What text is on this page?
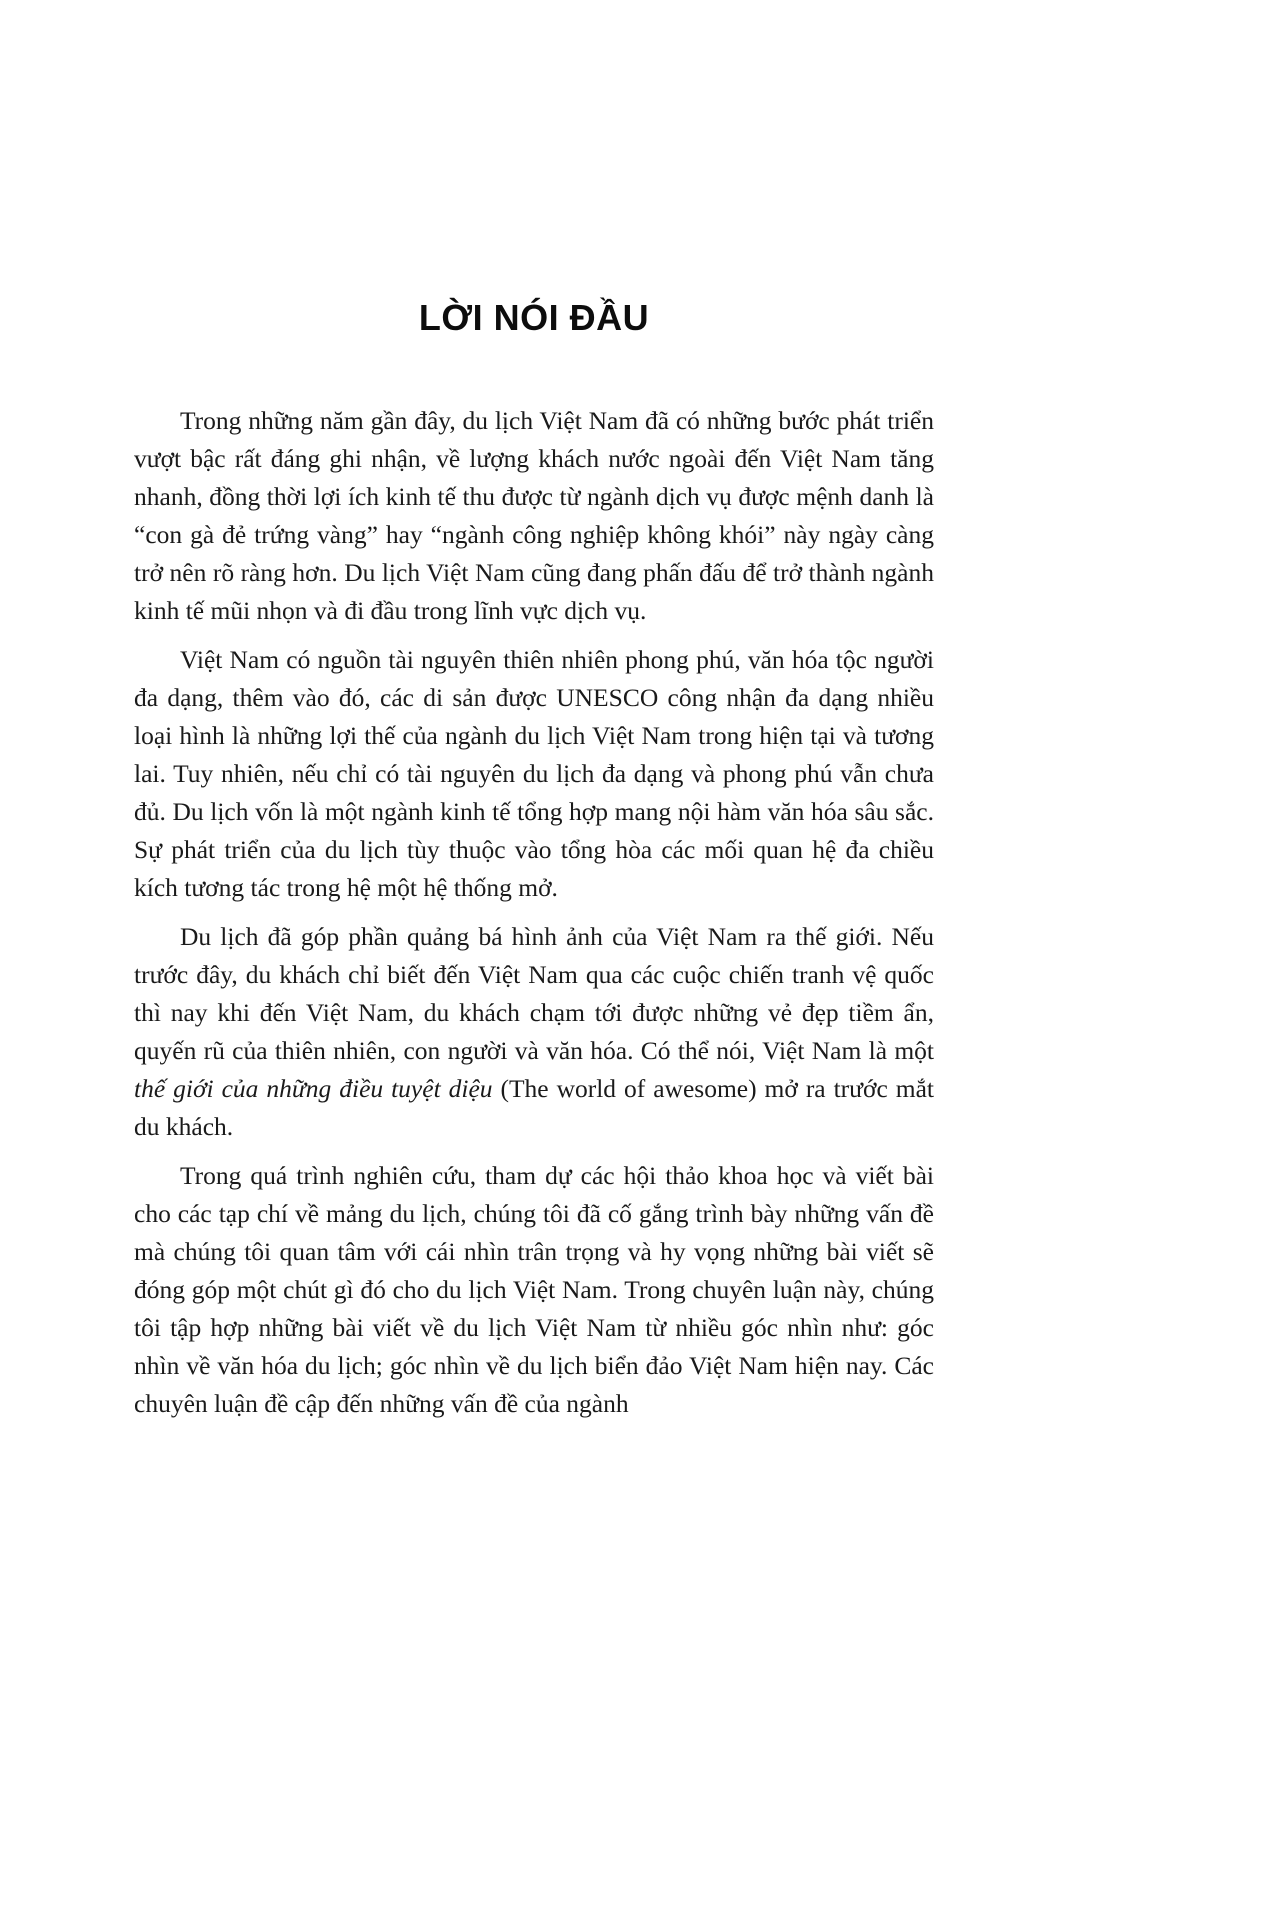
LỜI NÓI ĐẦU

Trong những năm gần đây, du lịch Việt Nam đã có những bước phát triển vượt bậc rất đáng ghi nhận, về lượng khách nước ngoài đến Việt Nam tăng nhanh, đồng thời lợi ích kinh tế thu được từ ngành dịch vụ được mệnh danh là “con gà đẻ trứng vàng” hay “ngành công nghiệp không khói” này ngày càng trở nên rõ ràng hơn. Du lịch Việt Nam cũng đang phấn đấu để trở thành ngành kinh tế mũi nhọn và đi đầu trong lĩnh vực dịch vụ.

Việt Nam có nguồn tài nguyên thiên nhiên phong phú, văn hóa tộc người đa dạng, thêm vào đó, các di sản được UNESCO công nhận đa dạng nhiều loại hình là những lợi thế của ngành du lịch Việt Nam trong hiện tại và tương lai. Tuy nhiên, nếu chỉ có tài nguyên du lịch đa dạng và phong phú vẫn chưa đủ. Du lịch vốn là một ngành kinh tế tổng hợp mang nội hàm văn hóa sâu sắc. Sự phát triển của du lịch tùy thuộc vào tổng hòa các mối quan hệ đa chiều kích tương tác trong hệ một hệ thống mở.

Du lịch đã góp phần quảng bá hình ảnh của Việt Nam ra thế giới. Nếu trước đây, du khách chỉ biết đến Việt Nam qua các cuộc chiến tranh vệ quốc thì nay khi đến Việt Nam, du khách chạm tới được những vẻ đẹp tiềm ẩn, quyến rũ của thiên nhiên, con người và văn hóa. Có thể nói, Việt Nam là một thế giới của những điều tuyệt diệu (The world of awesome) mở ra trước mắt du khách.

Trong quá trình nghiên cứu, tham dự các hội thảo khoa học và viết bài cho các tạp chí về mảng du lịch, chúng tôi đã cố gắng trình bày những vấn đề mà chúng tôi quan tâm với cái nhìn trân trọng và hy vọng những bài viết sẽ đóng góp một chút gì đó cho du lịch Việt Nam. Trong chuyên luận này, chúng tôi tập hợp những bài viết về du lịch Việt Nam từ nhiều góc nhìn như: góc nhìn về văn hóa du lịch; góc nhìn về du lịch biển đảo Việt Nam hiện nay. Các chuyên luận đề cập đến những vấn đề của ngành
